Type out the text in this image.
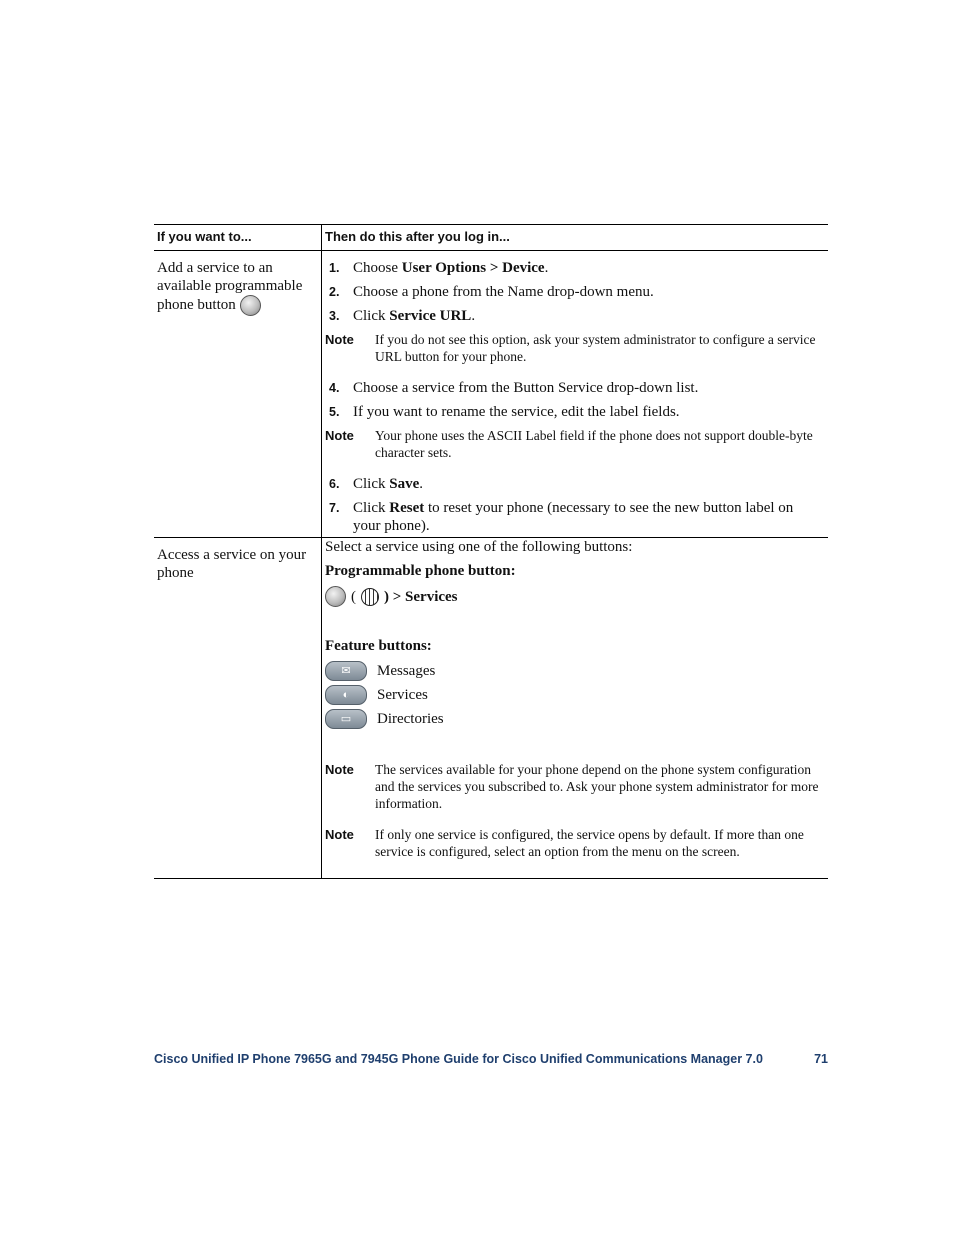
If you want to...	Then do this after you log in...
Add a service to an available programmable phone button
1. Choose User Options > Device.
2. Choose a phone from the Name drop-down menu.
3. Click Service URL.
Note	If you do not see this option, ask your system administrator to configure a service URL button for your phone.
4. Choose a service from the Button Service drop-down list.
5. If you want to rename the service, edit the label fields.
Note	Your phone uses the ASCII Label field if the phone does not support double-byte character sets.
6. Click Save.
7. Click Reset to reset your phone (necessary to see the new button label on your phone).
Access a service on your phone
Select a service using one of the following buttons:
Programmable phone button:
( ) > Services
Feature buttons:
✉	Messages
◐	Services
▭	Directories
Note	The services available for your phone depend on the phone system configuration and the services you subscribed to. Ask your phone system administrator for more information.
Note	If only one service is configured, the service opens by default. If more than one service is configured, select an option from the menu on the screen.
Cisco Unified IP Phone 7965G and 7945G Phone Guide for Cisco Unified Communications Manager 7.0	71
